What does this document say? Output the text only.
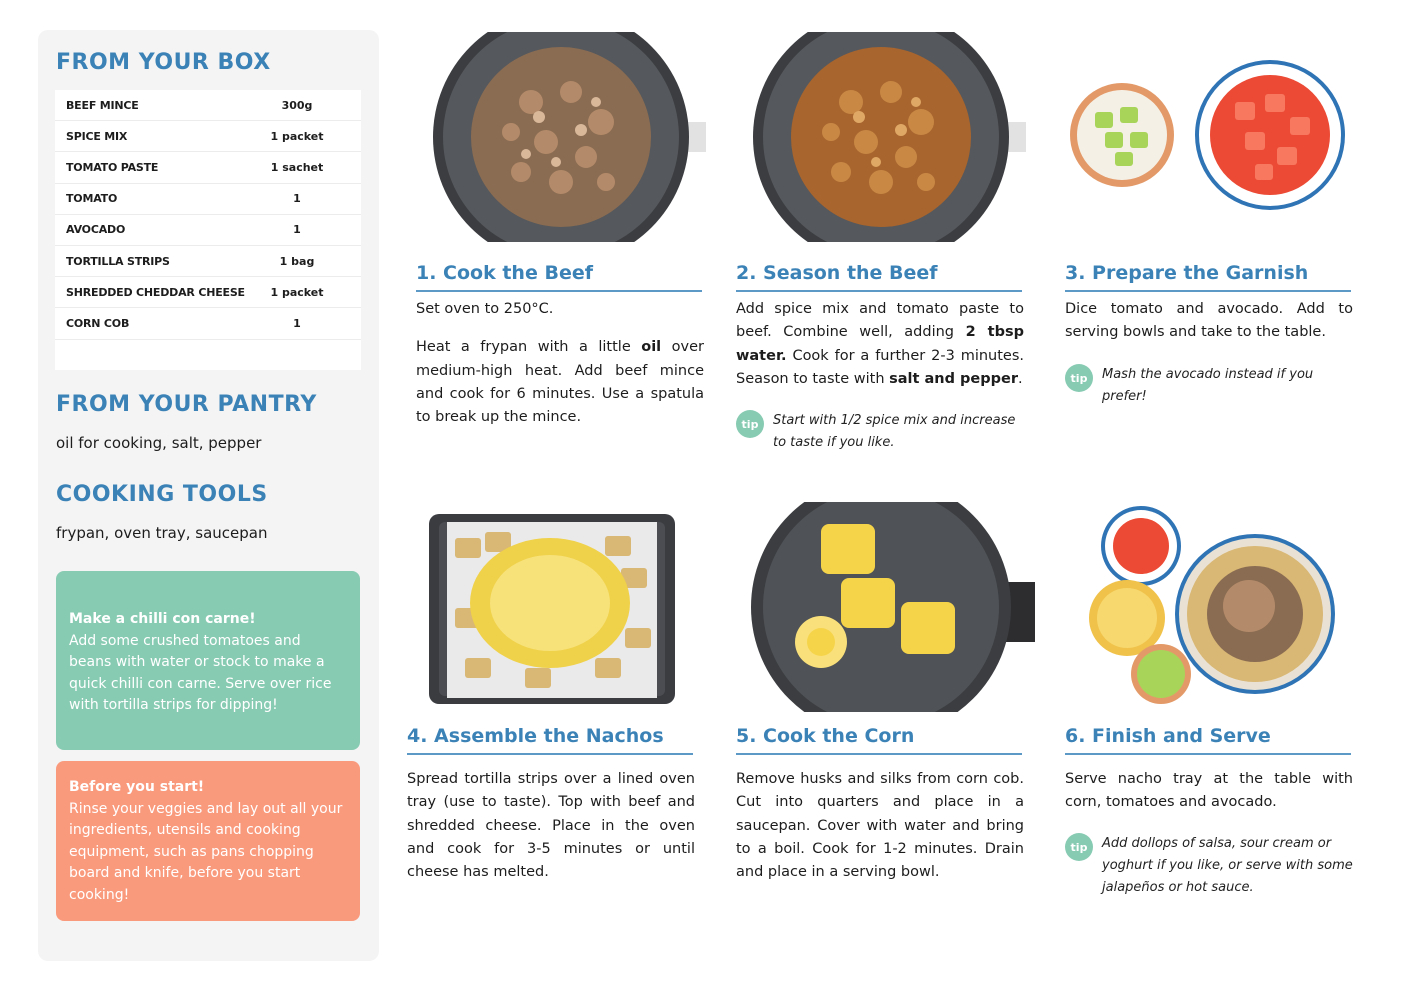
FROM YOUR BOX
BEEF MINCE	300g
SPICE MIX	1 packet
TOMATO PASTE	1 sachet
TOMATO	1
AVOCADO	1
TORTILLA STRIPS	1 bag
SHREDDED CHEDDAR CHEESE	1 packet
CORN COB	1
FROM YOUR PANTRY
oil for cooking, salt, pepper
COOKING TOOLS
frypan, oven tray, saucepan
Make a chilli con carne!
Add some crushed tomatoes and beans with water or stock to make a quick chilli con carne. Serve over rice with tortilla strips for dipping!
Before you start!
Rinse your veggies and lay out all your ingredients, utensils and cooking equipment, such as pans chopping board and knife, before you start cooking!
1. Cook the Beef

Set oven to 250°C.

Heat a frypan with a little oil over medium-high heat. Add beef mince and cook for 6 minutes. Use a spatula to break up the mince.

2. Season the Beef

Add spice mix and tomato paste to beef. Combine well, adding 2 tbsp water. Cook for a further 2-3 minutes. Season to taste with salt and pepper.

tip	Start with 1/2 spice mix and increase to taste if you like.
3. Prepare the Garnish

Dice tomato and avocado. Add to serving bowls and take to the table.

tip	Mash the avocado instead if you prefer!
4. Assemble the Nachos

Spread tortilla strips over a lined oven tray (use to taste). Top with beef and shredded cheese. Place in the oven and cook for 3-5 minutes or until cheese has melted.

5. Cook the Corn

Remove husks and silks from corn cob. Cut into quarters and place in a saucepan. Cover with water and bring to a boil. Cook for 1-2 minutes. Drain and place in a serving bowl.

6. Finish and Serve

Serve nacho tray at the table with corn, tomatoes and avocado.

tip	Add dollops of salsa, sour cream or yoghurt if you like, or serve with some jalapeños or hot sauce.
